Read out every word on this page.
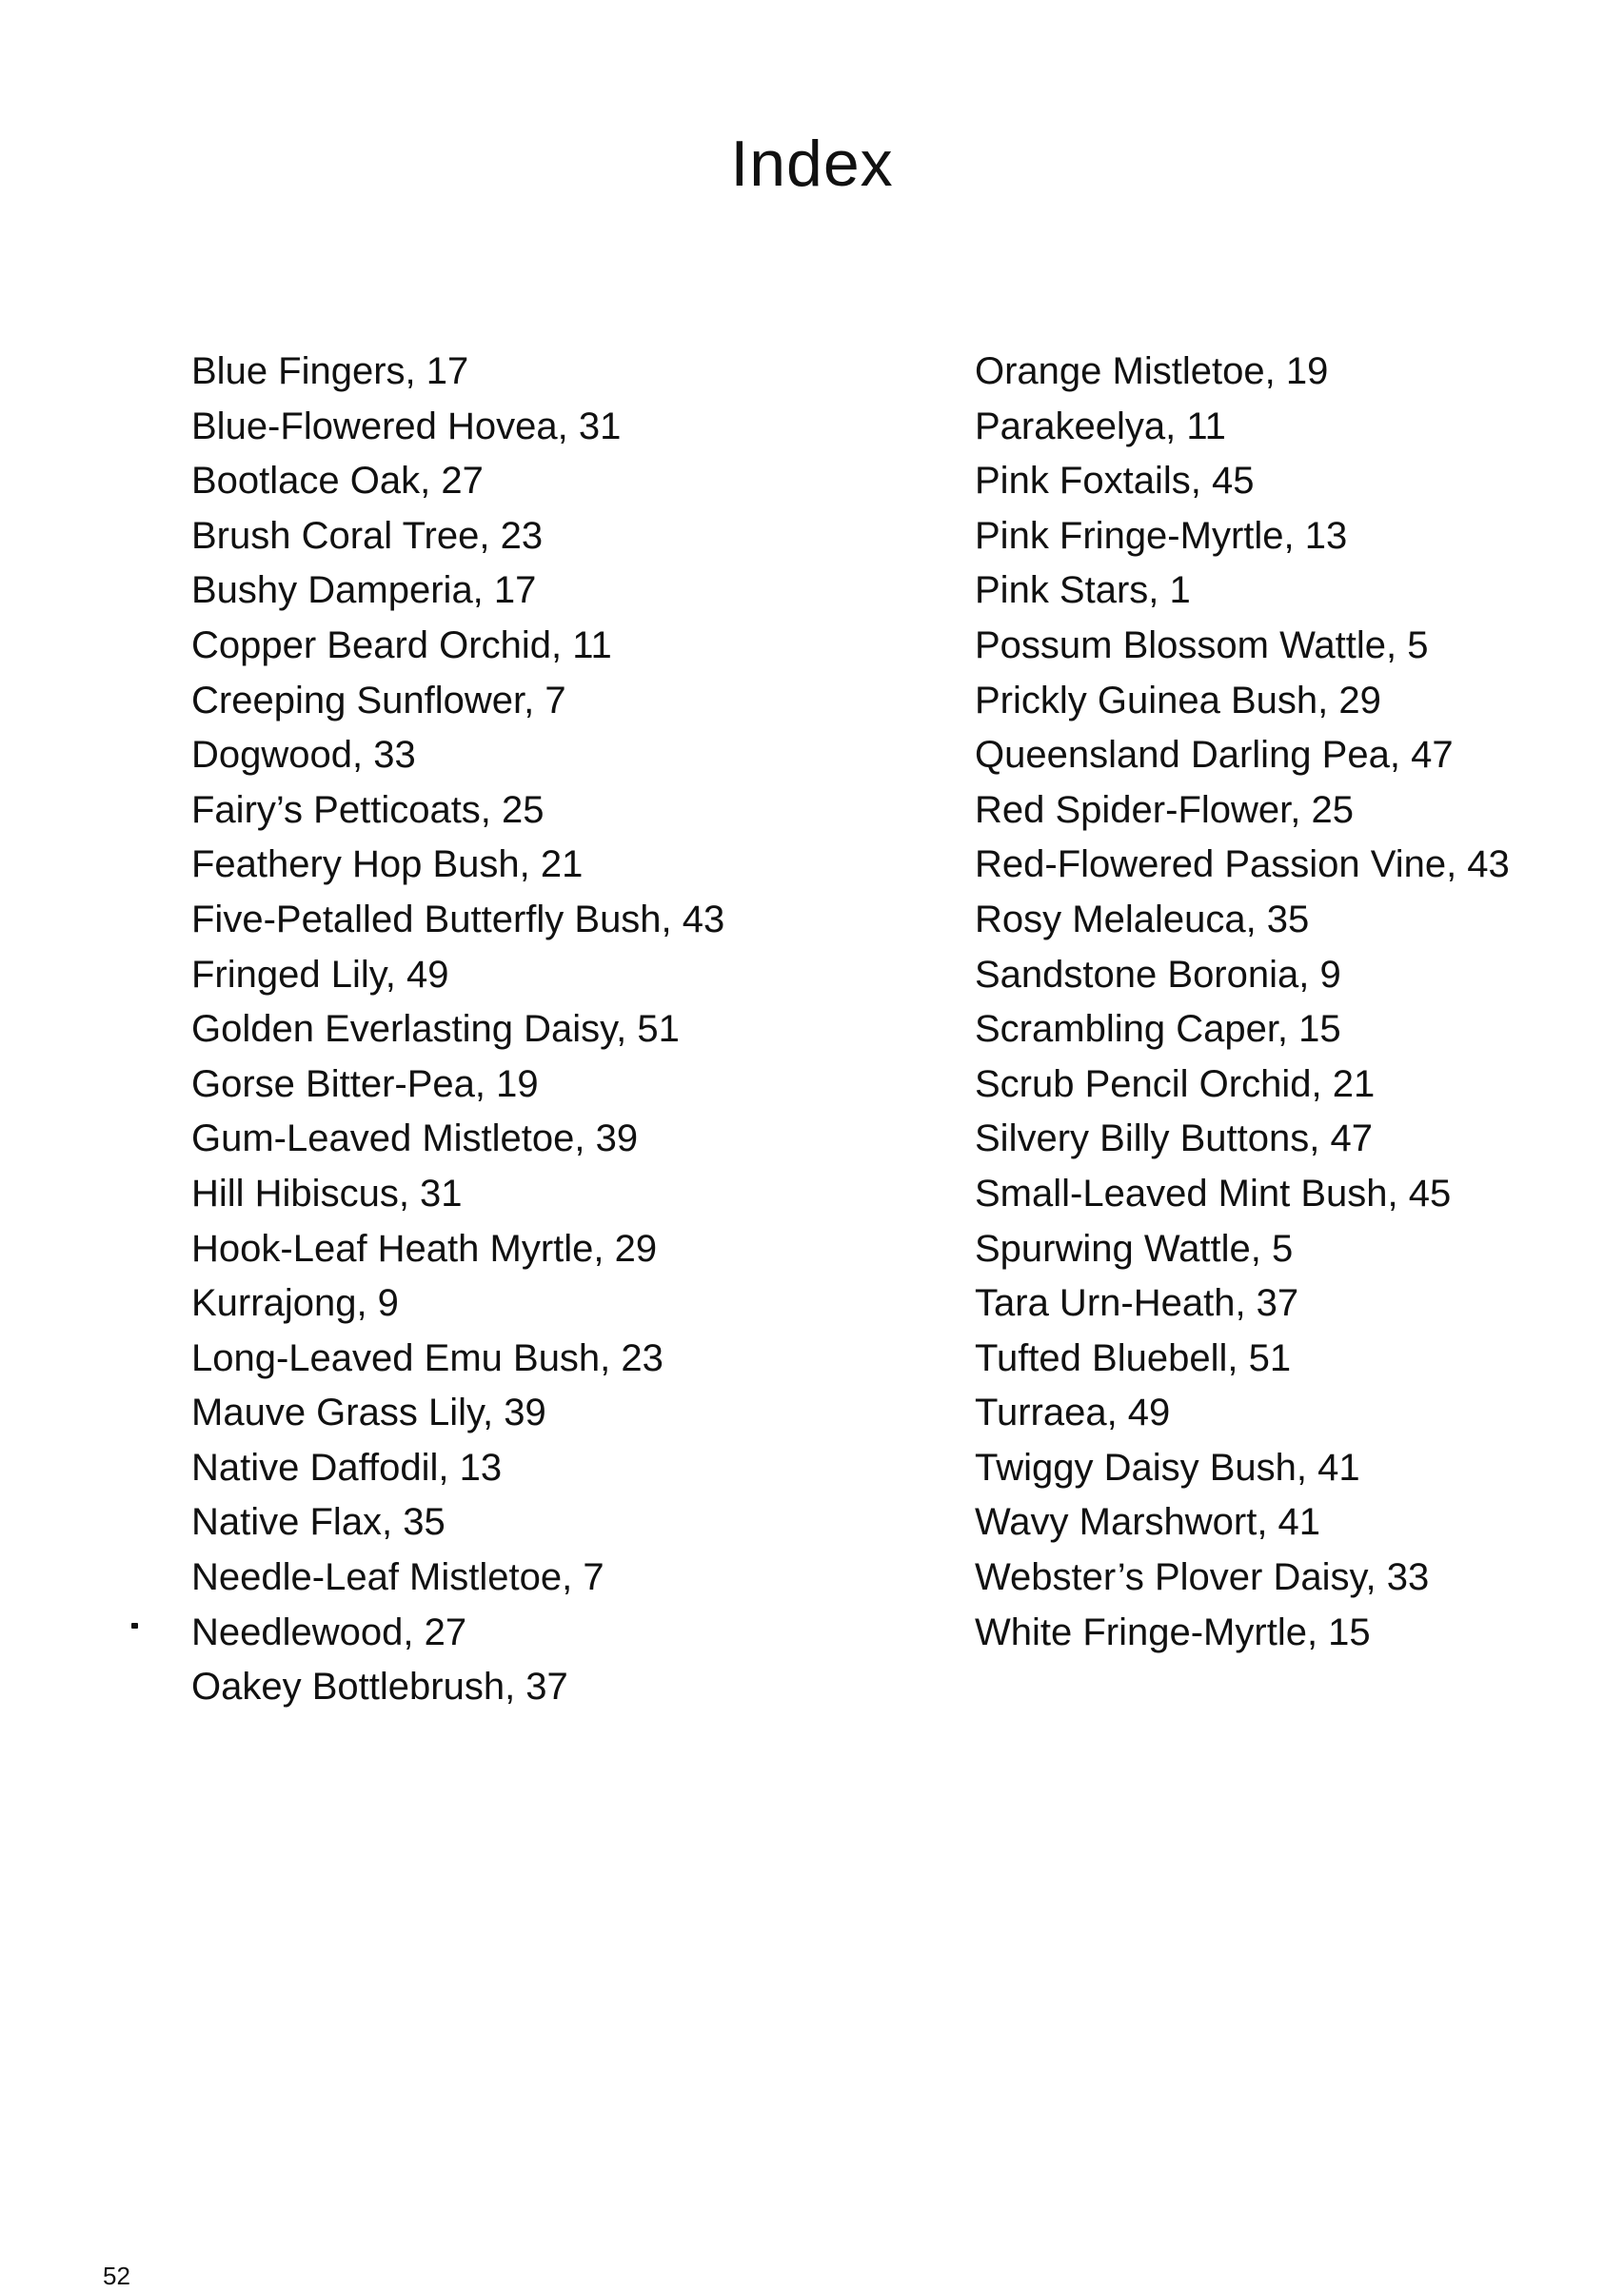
Index
Blue Fingers, 17
Blue-Flowered Hovea, 31
Bootlace Oak, 27
Brush Coral Tree, 23
Bushy Damperia, 17
Copper Beard Orchid, 11
Creeping Sunflower, 7
Dogwood, 33
Fairy’s Petticoats, 25
Feathery Hop Bush, 21
Five-Petalled Butterfly Bush, 43
Fringed Lily, 49
Golden Everlasting Daisy, 51
Gorse Bitter-Pea, 19
Gum-Leaved Mistletoe, 39
Hill Hibiscus, 31
Hook-Leaf Heath Myrtle, 29
Kurrajong, 9
Long-Leaved Emu Bush, 23
Mauve Grass Lily, 39
Native Daffodil, 13
Native Flax, 35
Needle-Leaf Mistletoe, 7
Needlewood, 27
Oakey Bottlebrush, 37
Orange Mistletoe, 19
Parakeelya, 11
Pink Foxtails, 45
Pink Fringe-Myrtle, 13
Pink Stars, 1
Possum Blossom Wattle, 5
Prickly Guinea Bush, 29
Queensland Darling Pea, 47
Red Spider-Flower, 25
Red-Flowered Passion Vine, 43
Rosy Melaleuca, 35
Sandstone Boronia, 9
Scrambling Caper, 15
Scrub Pencil Orchid, 21
Silvery Billy Buttons, 47
Small-Leaved Mint Bush, 45
Spurwing Wattle, 5
Tara Urn-Heath, 37
Tufted Bluebell, 51
Turraea, 49
Twiggy Daisy Bush, 41
Wavy Marshwort, 41
Webster’s Plover Daisy, 33
White Fringe-Myrtle, 15
52
